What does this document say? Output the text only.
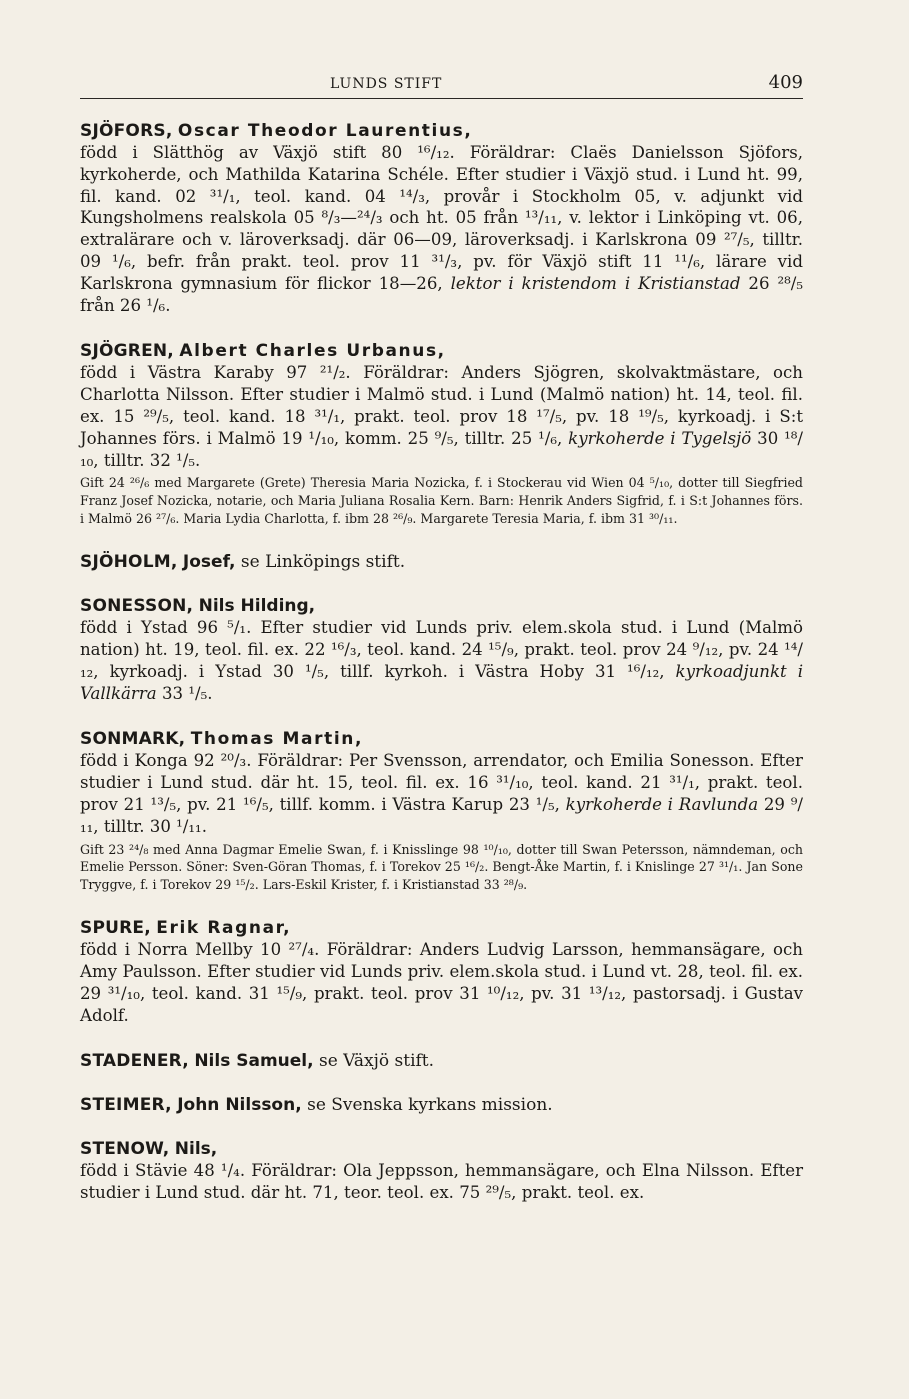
LUNDS STIFT	409
SJÖFORS, Oscar Theodor Laurentius,
född i Slätthög av Växjö stift 80 ¹⁶/₁₂. Föräldrar: Claës Danielsson Sjöfors, kyrkoherde, och Mathilda Katarina Schéle. Efter studier i Växjö stud. i Lund ht. 99, fil. kand. 02 ³¹/₁, teol. kand. 04 ¹⁴/₃, provår i Stockholm 05, v. adjunkt vid Kungsholmens realskola 05 ⁸/₃—²⁴/₃ och ht. 05 från ¹³/₁₁, v. lektor i Linköping vt. 06, extralärare och v. läroverksadj. där 06—09, läroverksadj. i Karlskrona 09 ²⁷/₅, tilltr. 09 ¹/₆, befr. från prakt. teol. prov 11 ³¹/₃, pv. för Växjö stift 11 ¹¹/₆, lärare vid Karlskrona gymnasium för flickor 18—26, lektor i kristendom i Kristianstad 26 ²⁸/₅ från 26 ¹/₆.
SJÖGREN, Albert Charles Urbanus,
född i Västra Karaby 97 ²¹/₂. Föräldrar: Anders Sjögren, skolvaktmästare, och Charlotta Nilsson. Efter studier i Malmö stud. i Lund (Malmö nation) ht. 14, teol. fil. ex. 15 ²⁹/₅, teol. kand. 18 ³¹/₁, prakt. teol. prov 18 ¹⁷/₅, pv. 18 ¹⁹/₅, kyrkoadj. i S:t Johannes förs. i Malmö 19 ¹/₁₀, komm. 25 ⁹/₅, tilltr. 25 ¹/₆, kyrkoherde i Tygelsjö 30 ¹⁸/₁₀, tilltr. 32 ¹/₅.
Gift 24 ²⁶/₆ med Margarete (Grete) Theresia Maria Nozicka, f. i Stockerau vid Wien 04 ⁵/₁₀, dotter till Siegfried Franz Josef Nozicka, notarie, och Maria Juliana Rosalia Kern. Barn: Henrik Anders Sigfrid, f. i S:t Johannes förs. i Malmö 26 ²⁷/₆. Maria Lydia Charlotta, f. ibm 28 ²⁶/₉. Margarete Teresia Maria, f. ibm 31 ³⁰/₁₁.
SJÖHOLM, Josef, se Linköpings stift.
SONESSON, Nils Hilding,
född i Ystad 96 ⁵/₁. Efter studier vid Lunds priv. elem.skola stud. i Lund (Malmö nation) ht. 19, teol. fil. ex. 22 ¹⁶/₃, teol. kand. 24 ¹⁵/₉, prakt. teol. prov 24 ⁹/₁₂, pv. 24 ¹⁴/₁₂, kyrkoadj. i Ystad 30 ¹/₅, tillf. kyrkoh. i Västra Hoby 31 ¹⁶/₁₂, kyrkoadjunkt i Vallkärra 33 ¹/₅.
SONMARK, Thomas Martin,
född i Konga 92 ²⁰/₃. Föräldrar: Per Svensson, arrendator, och Emilia Sonesson. Efter studier i Lund stud. där ht. 15, teol. fil. ex. 16 ³¹/₁₀, teol. kand. 21 ³¹/₁, prakt. teol. prov 21 ¹³/₅, pv. 21 ¹⁶/₅, tillf. komm. i Västra Karup 23 ¹/₅, kyrkoherde i Ravlunda 29 ⁹/₁₁, tilltr. 30 ¹/₁₁.
Gift 23 ²⁴/₈ med Anna Dagmar Emelie Swan, f. i Knisslinge 98 ¹⁰/₁₀, dotter till Swan Petersson, nämndeman, och Emelie Persson. Söner: Sven-Göran Thomas, f. i Torekov 25 ¹⁶/₂. Bengt-Åke Martin, f. i Knislinge 27 ³¹/₁. Jan Sone Tryggve, f. i Torekov 29 ¹⁵/₂. Lars-Eskil Krister, f. i Kristianstad 33 ²⁸/₉.
SPURE, Erik Ragnar,
född i Norra Mellby 10 ²⁷/₄. Föräldrar: Anders Ludvig Larsson, hemmansägare, och Amy Paulsson. Efter studier vid Lunds priv. elem.skola stud. i Lund vt. 28, teol. fil. ex. 29 ³¹/₁₀, teol. kand. 31 ¹⁵/₉, prakt. teol. prov 31 ¹⁰/₁₂, pv. 31 ¹³/₁₂, pastorsadj. i Gustav Adolf.
STADENER, Nils Samuel, se Växjö stift.
STEIMER, John Nilsson, se Svenska kyrkans mission.
STENOW, Nils,
född i Stävie 48 ¹/₄. Föräldrar: Ola Jeppsson, hemmansägare, och Elna Nilsson. Efter studier i Lund stud. där ht. 71, teor. teol. ex. 75 ²⁹/₅, prakt. teol. ex.
